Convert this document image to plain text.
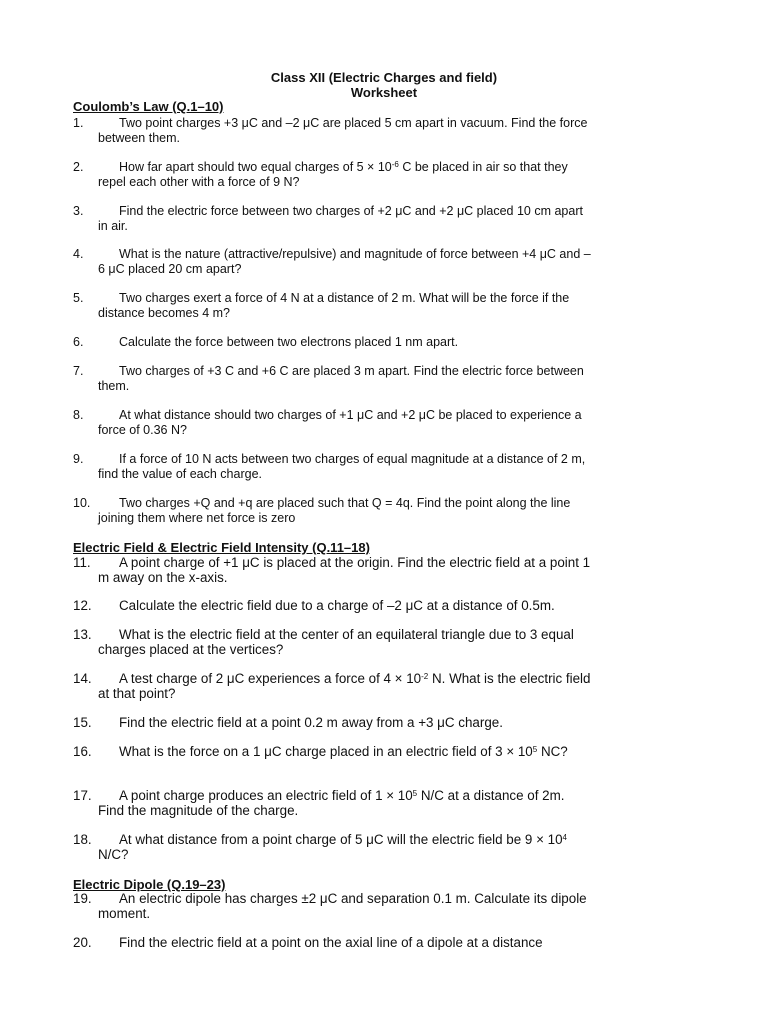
Class XII (Electric Charges and field)
Worksheet
Coulomb’s Law (Q.1–10)
1.	Two point charges +3 μC and –2 μC are placed 5 cm apart in vacuum. Find the force between them.
2.	How far apart should two equal charges of $5 \times 10^{-6}$ C be placed in air so that they repel each other with a force of 9 N?
3.	Find the electric force between two charges of +2 μC and +2 μC placed 10 cm apart in air.
4.	What is the nature (attractive/repulsive) and magnitude of force between +4 μC and –6 μC placed 20 cm apart?
5.	Two charges exert a force of 4 N at a distance of 2 m. What will be the force if the distance becomes 4 m?
6.	Calculate the force between two electrons placed 1 nm apart.
7.	Two charges of +3 C and +6 C are placed 3 m apart. Find the electric force between them.
8.	At what distance should two charges of +1 μC and +2 μC be placed to experience a force of 0.36 N?
9.	If a force of 10 N acts between two charges of equal magnitude at a distance of 2 m, find the value of each charge.
10.	Two charges +Q and +q are placed such that Q = 4q. Find the point along the line joining them where net force is zero
Electric Field & Electric Field Intensity (Q.11–18)
11.	A point charge of +1 μC is placed at the origin. Find the electric field at a point 1 m away on the x-axis.
12.	Calculate the electric field due to a charge of –2 μC at a distance of 0.5m.
13.	What is the electric field at the center of an equilateral triangle due to 3 equal charges placed at the vertices?
14.	A test charge of 2 μC experiences a force of $4 \times 10^{-2}$ N. What is the electric field at that point?
15.	Find the electric field at a point 0.2 m away from a +3 μC charge.
16.	What is the force on a 1 μC charge placed in an electric field of $3 \times 10^5$ NC?
17.	A point charge produces an electric field of $1 \times 10^5$ N/C at a distance of 2m. Find the magnitude of the charge.
18.	At what distance from a point charge of 5 μC will the electric field be $9 \times 10^4$ N/C?
Electric Dipole (Q.19–23)
19.	An electric dipole has charges ±2 μC and separation 0.1 m. Calculate its dipole moment.
20.	Find the electric field at a point on the axial line of a dipole at a distance
